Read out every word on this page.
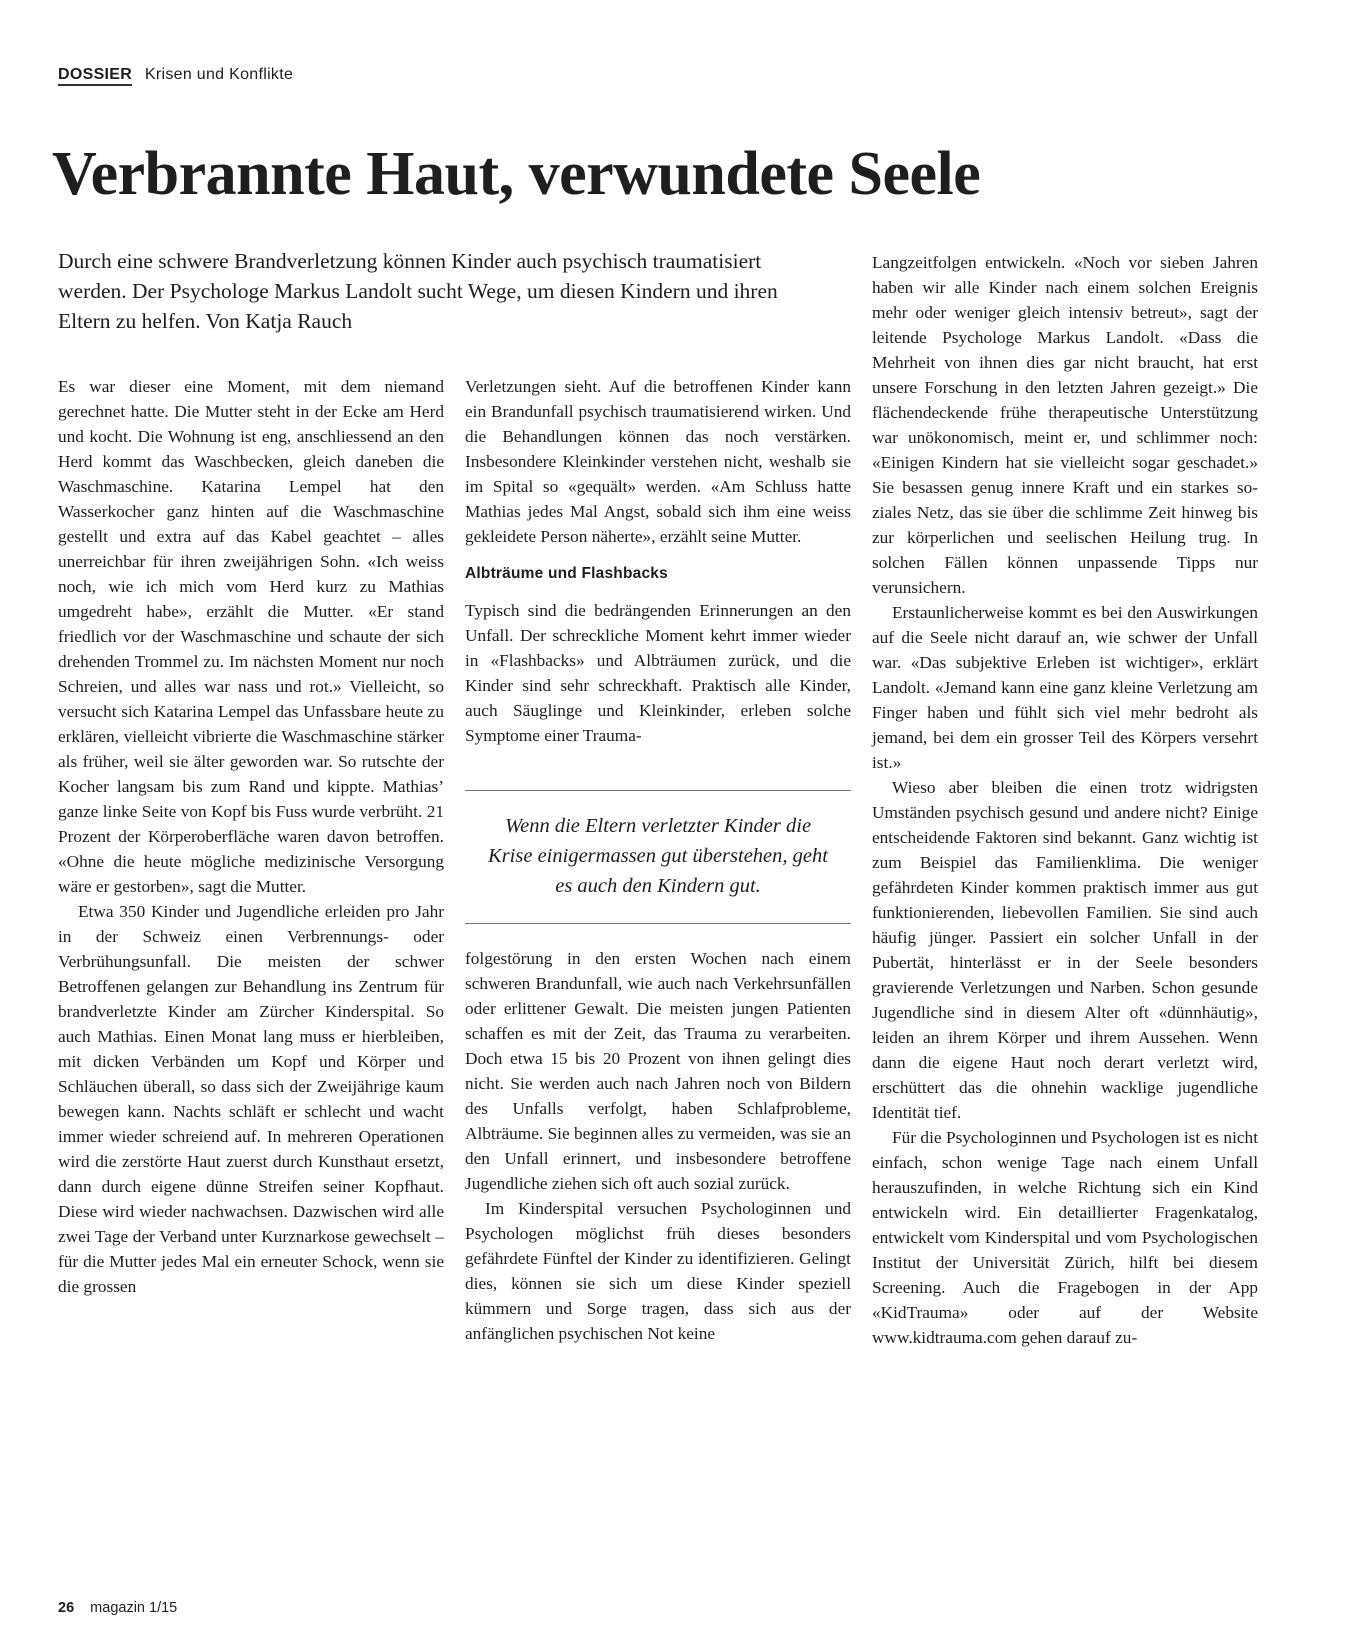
DOSSIER Krisen und Konflikte
Verbrannte Haut, verwundete Seele

Durch eine schwere Brandverletzung können Kinder auch psychisch traumatisiert werden. Der Psychologe Markus Landolt sucht Wege, um diesen Kindern und ihren Eltern zu helfen. Von Katja Rauch

Es war dieser eine Moment, mit dem niemand gerechnet hatte. Die Mutter steht in der Ecke am Herd und kocht. Die Wohnung ist eng, anschliessend an den Herd kommt das Waschbecken, gleich daneben die Waschmaschine. Katarina Lempel hat den Wasserkocher ganz hinten auf die Waschmaschine gestellt und extra auf das Kabel geachtet – alles unerreichbar für ihren zweijährigen Sohn. «Ich weiss noch, wie ich mich vom Herd kurz zu Mathias umgedreht habe», erzählt die Mutter. «Er stand friedlich vor der Waschmaschine und schaute der sich drehenden Trommel zu. Im nächsten Moment nur noch Schreien, und alles war nass und rot.» Vielleicht, so versucht sich Katarina Lempel das Unfassbare heute zu erklären, vielleicht vibrierte die Waschmaschine stärker als früher, weil sie älter geworden war. So rutschte der Kocher langsam bis zum Rand und kippte. Mathias’ ganze linke Seite von Kopf bis Fuss wurde verbrüht. 21 Prozent der Körperoberfläche waren davon betroffen. «Ohne die heute mögliche medizinische Versorgung wäre er gestorben», sagt die Mutter.

Etwa 350 Kinder und Jugendliche erleiden pro Jahr in der Schweiz einen Verbrennungs- oder Verbrühungsunfall. Die meisten der schwer Betroffenen gelangen zur Behandlung ins Zentrum für brandverletzte Kinder am Zürcher Kinderspital. So auch Mathias. Einen Monat lang muss er hierbleiben, mit dicken Verbänden um Kopf und Körper und Schläuchen überall, so dass sich der Zweijährige kaum bewegen kann. Nachts schläft er schlecht und wacht immer wieder schreiend auf. In mehreren Operationen wird die zerstörte Haut zuerst durch Kunsthaut ersetzt, dann durch eigene dünne Streifen seiner Kopfhaut. Diese wird wieder nachwachsen. Dazwischen wird alle zwei Tage der Verband unter Kurznarkose gewechselt – für die Mutter jedes Mal ein erneuter Schock, wenn sie die grossen

Verletzungen sieht. Auf die betroffenen Kinder kann ein Brandunfall psychisch traumatisierend wirken. Und die Behandlungen können das noch verstärken. Insbesondere Kleinkinder verstehen nicht, weshalb sie im Spital so «gequält» werden. «Am Schluss hatte Mathias jedes Mal Angst, sobald sich ihm eine weiss gekleidete Person näherte», erzählt seine Mutter.

Albträume und Flashbacks

Typisch sind die bedrängenden Erinnerungen an den Unfall. Der schreckliche Moment kehrt immer wieder in «Flashbacks» und Albträumen zurück, und die Kinder sind sehr schreckhaft. Praktisch alle Kinder, auch Säuglinge und Kleinkinder, erleben solche Symptome einer Trauma-

Wenn die Eltern verletzter Kinder die Krise einigermassen gut überstehen, geht es auch den Kindern gut.

folgestörung in den ersten Wochen nach einem schweren Brandunfall, wie auch nach Verkehrsunfällen oder erlittener Gewalt. Die meisten jungen Patienten schaffen es mit der Zeit, das Trauma zu verarbeiten. Doch etwa 15 bis 20 Prozent von ihnen gelingt dies nicht. Sie werden auch nach Jahren noch von Bildern des Unfalls verfolgt, haben Schlafprobleme, Albträume. Sie beginnen alles zu vermeiden, was sie an den Unfall erinnert, und insbesondere betroffene Jugendliche ziehen sich oft auch sozial zurück.

Im Kinderspital versuchen Psychologinnen und Psychologen möglichst früh dieses besonders gefährdete Fünftel der Kinder zu identifizieren. Gelingt dies, können sie sich um diese Kinder speziell kümmern und Sorge tragen, dass sich aus der anfänglichen psychischen Not keine

Langzeitfolgen entwickeln. «Noch vor sieben Jahren haben wir alle Kinder nach einem solchen Ereignis mehr oder weniger gleich intensiv betreut», sagt der leitende Psychologe Markus Landolt. «Dass die Mehrheit von ihnen dies gar nicht braucht, hat erst unsere Forschung in den letzten Jahren gezeigt.» Die flächendeckende frühe therapeutische Unterstützung war unökonomisch, meint er, und schlimmer noch: «Einigen Kindern hat sie vielleicht sogar geschadet.» Sie besassen genug innere Kraft und ein starkes soziales Netz, das sie über die schlimme Zeit hinweg bis zur körperlichen und seelischen Heilung trug. In solchen Fällen können unpassende Tipps nur verunsichern.

Erstaunlicherweise kommt es bei den Auswirkungen auf die Seele nicht darauf an, wie schwer der Unfall war. «Das subjektive Erleben ist wichtiger», erklärt Landolt. «Jemand kann eine ganz kleine Verletzung am Finger haben und fühlt sich viel mehr bedroht als jemand, bei dem ein grosser Teil des Körpers versehrt ist.»

Wieso aber bleiben die einen trotz widrigsten Umständen psychisch gesund und andere nicht? Einige entscheidende Faktoren sind bekannt. Ganz wichtig ist zum Beispiel das Familienklima. Die weniger gefährdeten Kinder kommen praktisch immer aus gut funktionierenden, liebevollen Familien. Sie sind auch häufig jünger. Passiert ein solcher Unfall in der Pubertät, hinterlässt er in der Seele besonders gravierende Verletzungen und Narben. Schon gesunde Jugendliche sind in diesem Alter oft «dünnhäutig», leiden an ihrem Körper und ihrem Aussehen. Wenn dann die eigene Haut noch derart verletzt wird, erschüttert das die ohnehin wacklige jugendliche Identität tief.

Für die Psychologinnen und Psychologen ist es nicht einfach, schon wenige Tage nach einem Unfall herauszufinden, in welche Richtung sich ein Kind entwickeln wird. Ein detaillierter Fragenkatalog, entwickelt vom Kinderspital und vom Psychologischen Institut der Universität Zürich, hilft bei diesem Screening. Auch die Fragebogen in der App «KidTrauma» oder auf der Website www.kidtrauma.com gehen darauf zu-

26 magazin 1/15
